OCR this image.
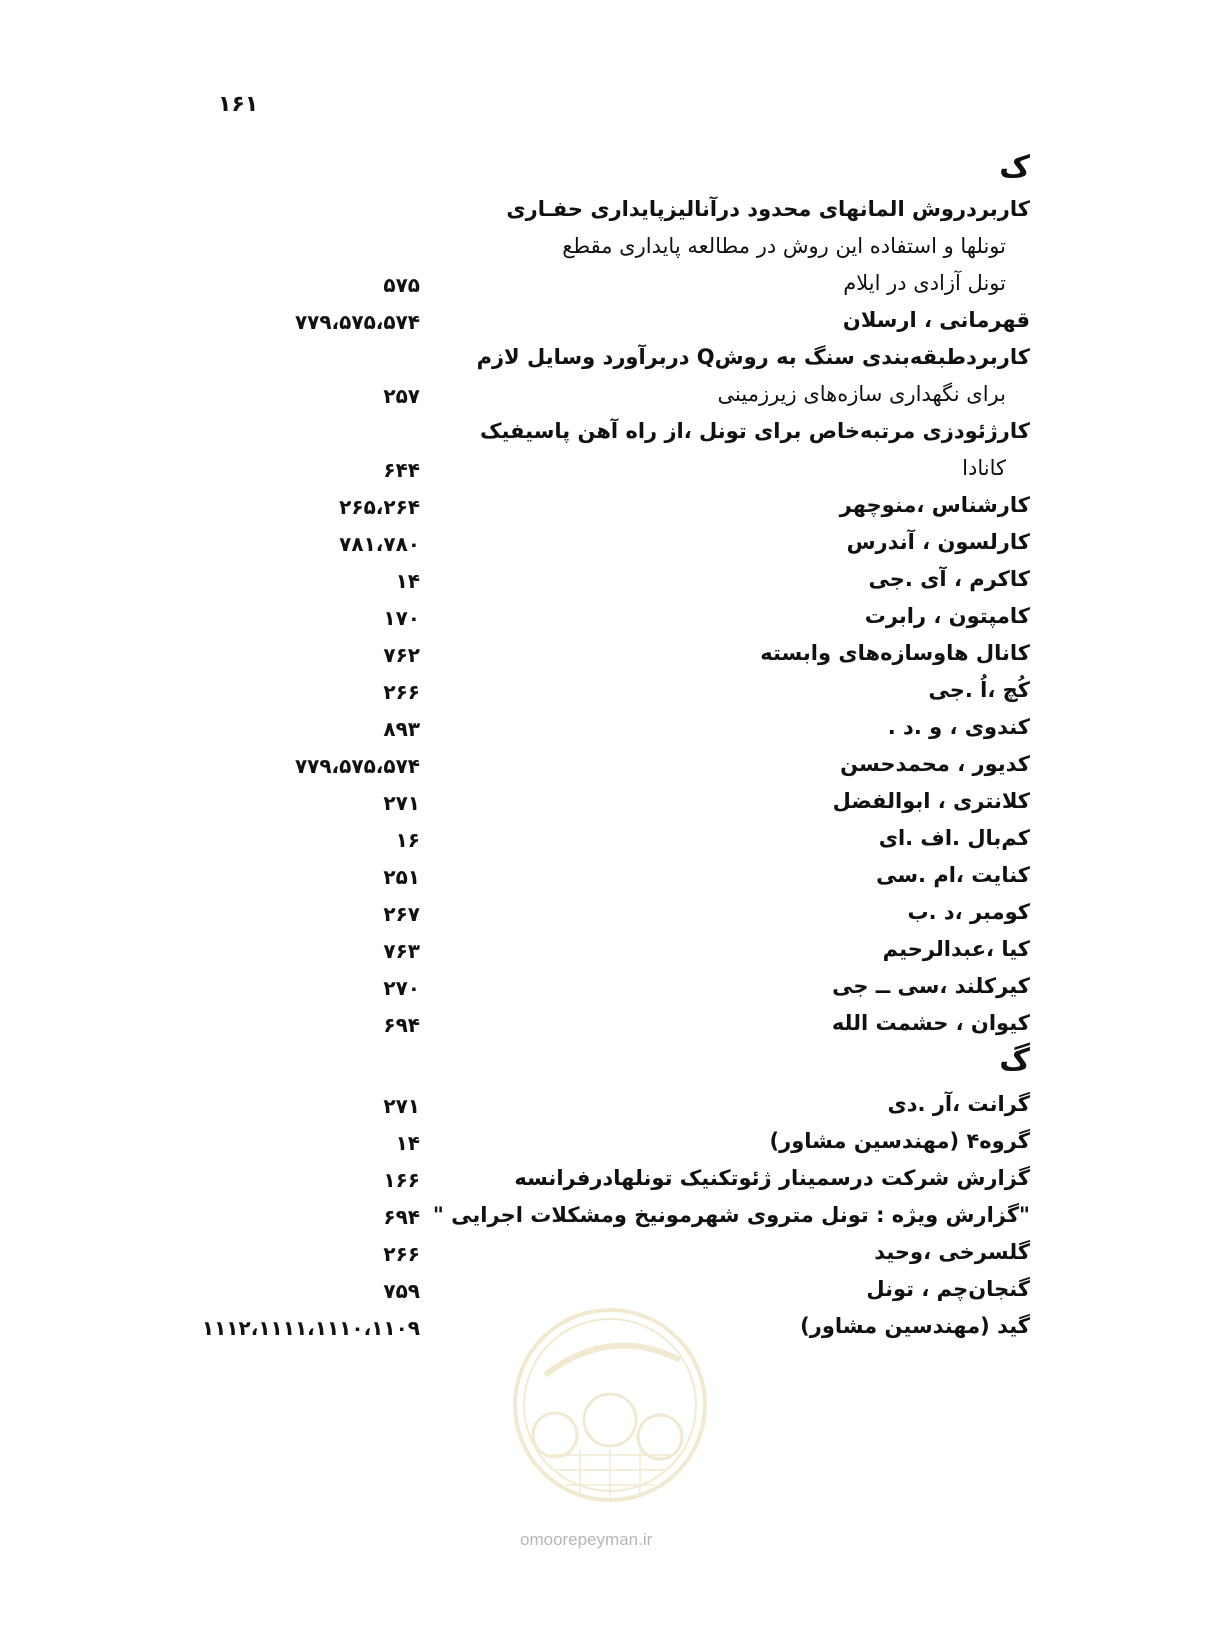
۱۶۱
ک
کاربردروش المانهای محدود درآنالیزپایداری حفـاری
تونلها و استفاده این روش در مطالعه پایداری مقطع
تونل آزادی در ایلام
۵۷۵
قهرمانی ، ارسلان
۷۷۹،۵۷۵،۵۷۴
کاربردطبقه‌بندی سنگ به روشQ دربرآورد وسایل لازم
برای نگهداری سازه‌های زیرزمینی
۲۵۷
کارژئودزی مرتبه‌خاص برای تونل ،از راه آهن پاسیفیک
کانادا
۶۴۴
کارشناس ،منوچهر
۲۶۵،۲۶۴
کارلسون ، آندرس
۷۸۱،۷۸۰
کاکرم ، آی .جی
۱۴
کامپتون ، رابرت
۱۷۰
کانال هاوسازه‌های وابسته
۷۶۲
کُچ ،اُ .جی
۲۶۶
کندوی ، و .د .
۸۹۳
کدیور ، محمدحسن
۷۷۹،۵۷۵،۵۷۴
کلانتری ، ابوالفضل
۲۷۱
کم‌بال .اف .ای
۱۶
کنایت ،ام .سی
۲۵۱
کومبر ،د .ب
۲۶۷
کیا ،عبدالرحیم
۷۶۳
کیرکلند ،سی ــ جی
۲۷۰
کیوان ، حشمت الله
۶۹۴
گ
گرانت ،آر .دی
۲۷۱
گروه۴ (مهندسین مشاور)
۱۴
گزارش شرکت درسمینار ژئوتکنیک تونلهادرفرانسه
۱۶۶
"گزارش ویژه : تونل متروی شهرمونیخ ومشکلات اجرایی "
۶۹۴
گلسرخی ،وحید
۲۶۶
گنجان‌چم ، تونل
۷۵۹
گید (مهندسین مشاور)
۱۱۱۲،۱۱۱۱،۱۱۱۰،۱۱۰۹
omoorepeyman.ir
